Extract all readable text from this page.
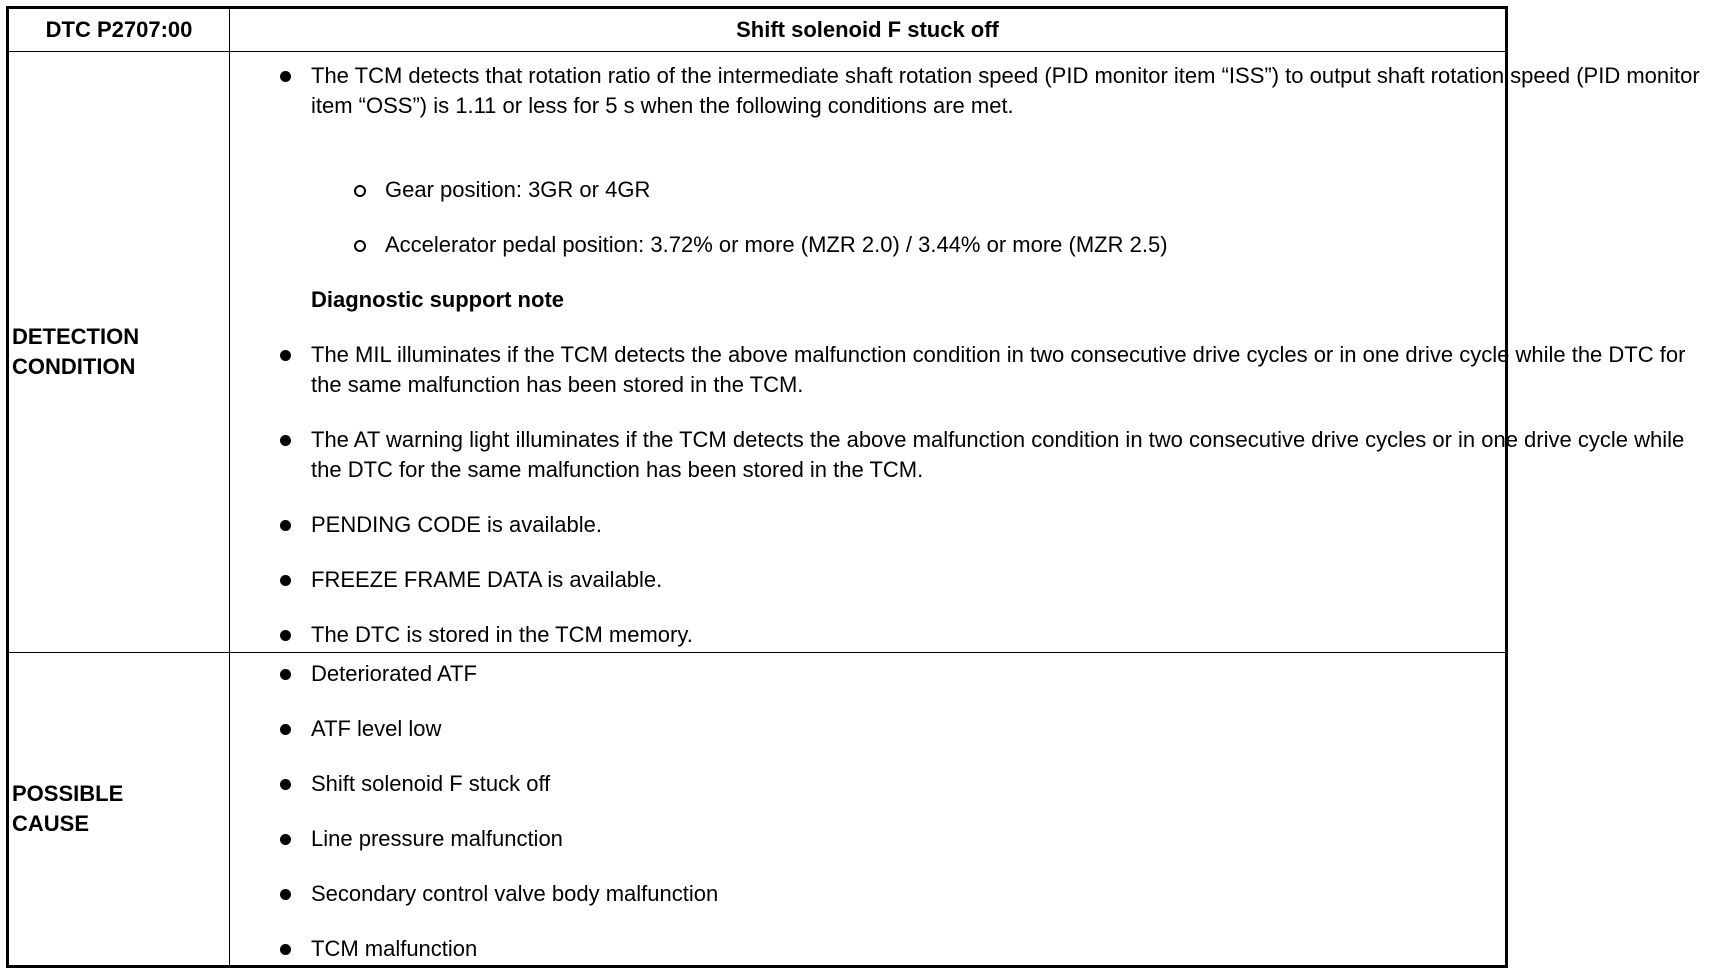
DTC P2707:00	Shift solenoid F stuck off
DETECTION
CONDITION
The TCM detects that rotation ratio of the intermediate shaft rotation speed (PID monitor item “ISS”) to output shaft rotation speed (PID monitor item “OSS”) is 1.11 or less for 5 s when the following conditions are met.
Gear position: 3GR or 4GR
Accelerator pedal position: 3.72% or more (MZR 2.0) / 3.44% or more (MZR 2.5)
Diagnostic support note
The MIL illuminates if the TCM detects the above malfunction condition in two consecutive drive cycles or in one drive cycle while the DTC for the same malfunction has been stored in the TCM.
The AT warning light illuminates if the TCM detects the above malfunction condition in two consecutive drive cycles or in one drive cycle while the DTC for the same malfunction has been stored in the TCM.
PENDING CODE is available.
FREEZE FRAME DATA is available.
The DTC is stored in the TCM memory.
POSSIBLE
CAUSE
Deteriorated ATF
ATF level low
Shift solenoid F stuck off
Line pressure malfunction
Secondary control valve body malfunction
TCM malfunction
